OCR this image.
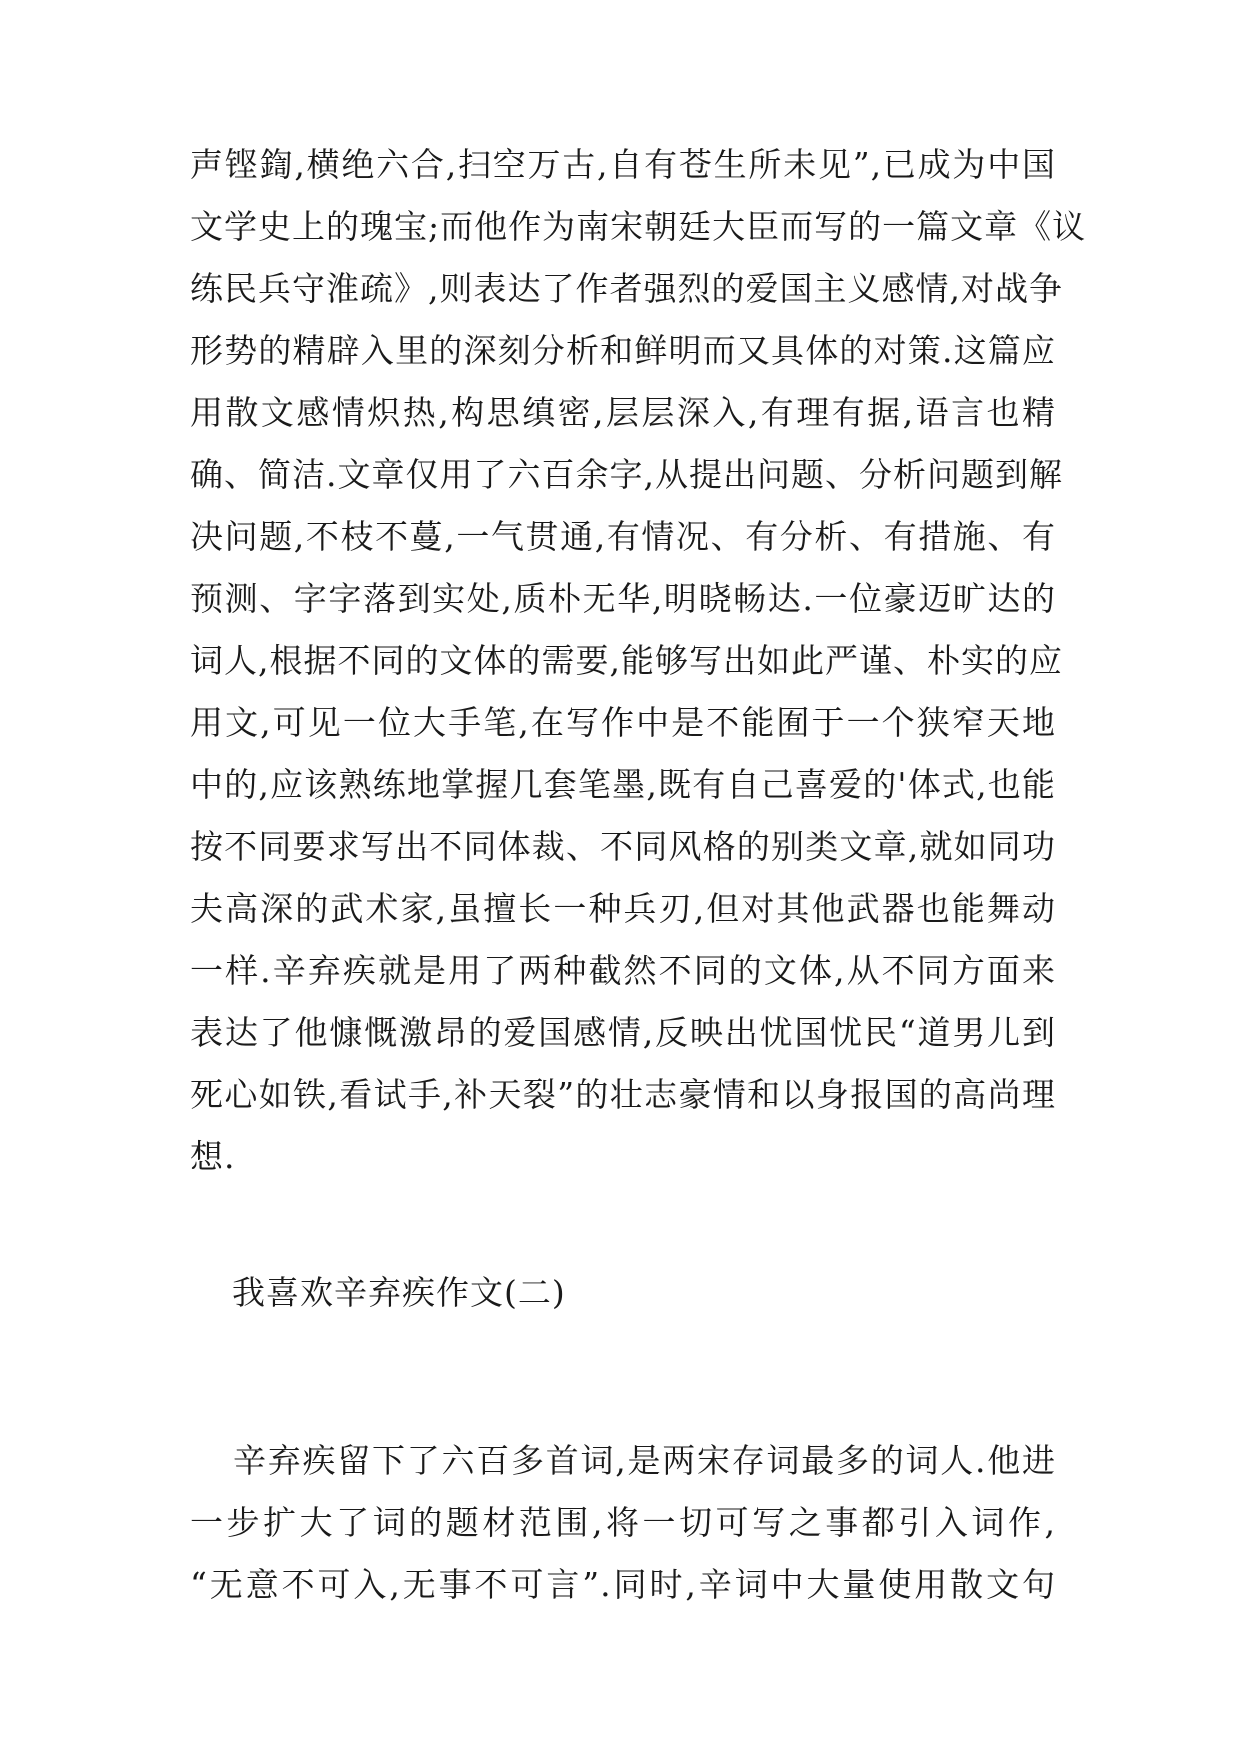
声铿鍧,横绝六合,扫空万古,自有苍生所未见”,已成为中国
文学史上的瑰宝;而他作为南宋朝廷大臣而写的一篇文章《议
练民兵守淮疏》,则表达了作者强烈的爱国主义感情,对战争
形势的精辟入里的深刻分析和鲜明而又具体的对策.这篇应
用散文感情炽热,构思缜密,层层深入,有理有据,语言也精
确、简洁.文章仅用了六百余字,从提出问题、分析问题到解
决问题,不枝不蔓,一气贯通,有情况、有分析、有措施、有
预测、字字落到实处,质朴无华,明晓畅达.一位豪迈旷达的
词人,根据不同的文体的需要,能够写出如此严谨、朴实的应
用文,可见一位大手笔,在写作中是不能囿于一个狭窄天地
中的,应该熟练地掌握几套笔墨,既有自己喜爱的'体式,也能
按不同要求写出不同体裁、不同风格的别类文章,就如同功
夫高深的武术家,虽擅长一种兵刃,但对其他武器也能舞动
一样.辛弃疾就是用了两种截然不同的文体,从不同方面来
表达了他慷慨激昂的爱国感情,反映出忧国忧民“道男儿到
死心如铁,看试手,补天裂”的壮志豪情和以身报国的高尚理
想.
我喜欢辛弃疾作文(二)
辛弃疾留下了六百多首词,是两宋存词最多的词人.他进
一步扩大了词的题材范围,将一切可写之事都引入词作,
“无意不可入,无事不可言”.同时,辛词中大量使用散文句
